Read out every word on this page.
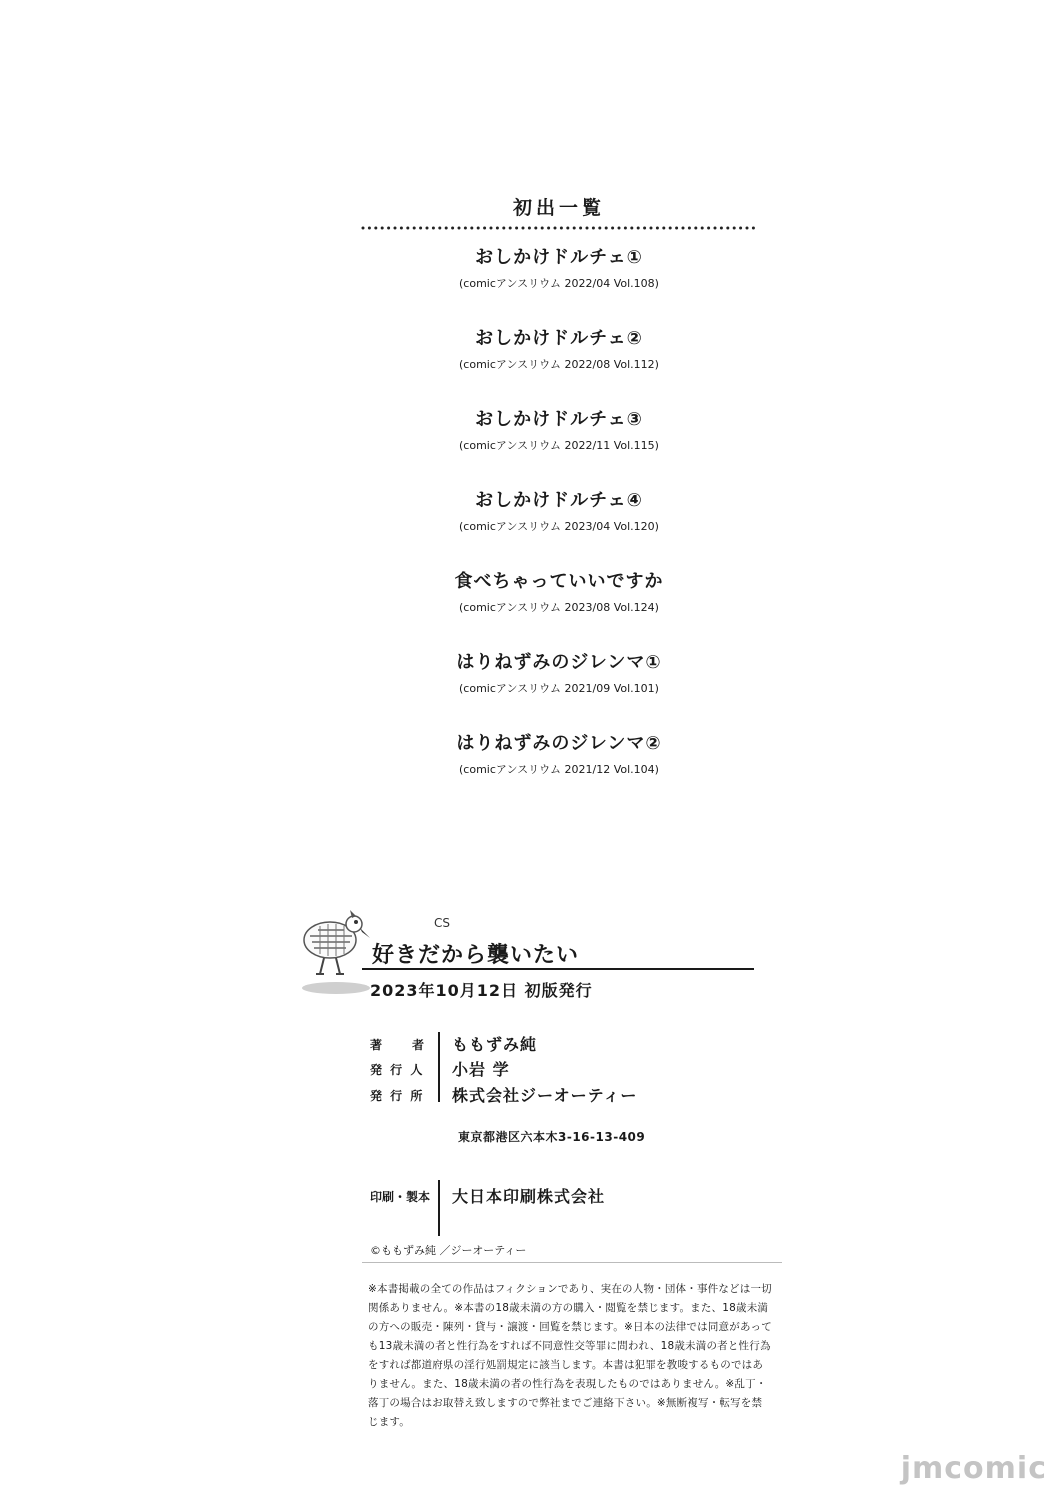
初出一覧
おしかけドルチェ①
(comicアンスリウム 2022/04 Vol.108)
おしかけドルチェ②
(comicアンスリウム 2022/08 Vol.112)
おしかけドルチェ③
(comicアンスリウム 2022/11 Vol.115)
おしかけドルチェ④
(comicアンスリウム 2023/04 Vol.120)
食べちゃっていいですか
(comicアンスリウム 2023/08 Vol.124)
はりねずみのジレンマ①
(comicアンスリウム 2021/09 Vol.101)
はりねずみのジレンマ②
(comicアンスリウム 2021/12 Vol.104)
CS
好きだから襲いたい
2023年10月12日 初版発行
著　　者	ももずみ純
発 行 人	小岩 学
発 行 所	株式会社ジーオーティー
東京都港区六本木3-16-13-409
印刷・製本	大日本印刷株式会社
©ももずみ純 ／ジーオーティー
※本書掲載の全ての作品はフィクションであり、実在の人物・団体・事件などは一切関係ありません。※本書の18歳未満の方の購入・閲覧を禁じます。また、18歳未満の方への販売・陳列・貸与・譲渡・回覧を禁じます。※日本の法律では同意があっても13歳未満の者と性行為をすれば不同意性交等罪に問われ、18歳未満の者と性行為をすれば都道府県の淫行処罰規定に該当します。本書は犯罪を教唆するものではありません。また、18歳未満の者の性行為を表現したものではありません。※乱丁・落丁の場合はお取替え致しますので弊社までご連絡下さい。※無断複写・転写を禁じます。
jmcomic
